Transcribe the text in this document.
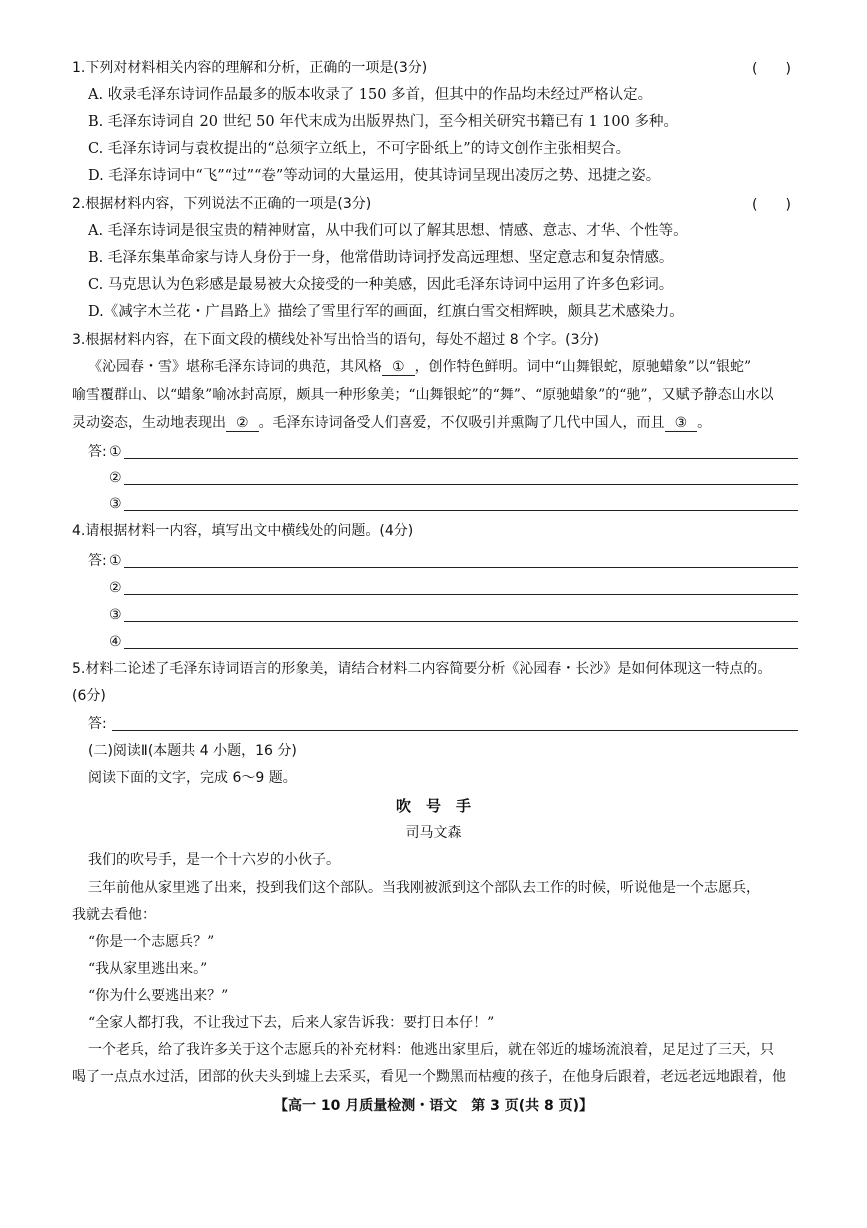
1.下列对材料相关内容的理解和分析，正确的一项是(3分)	(　　)
A. 收录毛泽东诗词作品最多的版本收录了 150 多首，但其中的作品均未经过严格认定。
B. 毛泽东诗词自 20 世纪 50 年代末成为出版界热门，至今相关研究书籍已有 1 100 多种。
C. 毛泽东诗词与袁枚提出的“总须字立纸上，不可字卧纸上”的诗文创作主张相契合。
D. 毛泽东诗词中“飞”“过”“卷”等动词的大量运用，使其诗词呈现出凌厉之势、迅捷之姿。
2.根据材料内容，下列说法不正确的一项是(3分)	(　　)
A. 毛泽东诗词是很宝贵的精神财富，从中我们可以了解其思想、情感、意志、才华、个性等。
B. 毛泽东集革命家与诗人身份于一身，他常借助诗词抒发高远理想、坚定意志和复杂情感。
C. 马克思认为色彩感是最易被大众接受的一种美感，因此毛泽东诗词中运用了许多色彩词。
D.《减字木兰花・广昌路上》描绘了雪里行军的画面，红旗白雪交相辉映，颇具艺术感染力。
3.根据材料内容，在下面文段的横线处补写出恰当的语句，每处不超过 8 个字。(3分)
《沁园春・雪》堪称毛泽东诗词的典范，其风格 ① ，创作特色鲜明。词中“山舞银蛇，原驰蜡象”以“银蛇”
喻雪覆群山、以“蜡象”喻冰封高原，颇具一种形象美；“山舞银蛇”的“舞”、“原驰蜡象”的“驰”，又赋予静态山水以
灵动姿态，生动地表现出 ② 。毛泽东诗词备受人们喜爱，不仅吸引并熏陶了几代中国人，而且 ③ 。
答: ①
②
③
4.请根据材料一内容，填写出文中横线处的问题。(4分)
答: ①
②
③
④
5.材料二论述了毛泽东诗词语言的形象美，请结合材料二内容简要分析《沁园春・长沙》是如何体现这一特点的。
(6分)
答:
(二)阅读Ⅱ(本题共 4 小题，16 分)
阅读下面的文字，完成 6～9 题。
吹　号　手
司马文森
我们的吹号手，是一个十六岁的小伙子。
三年前他从家里逃了出来，投到我们这个部队。当我刚被派到这个部队去工作的时候，听说他是一个志愿兵，
我就去看他：
“你是一个志愿兵？”
“我从家里逃出来。”
“你为什么要逃出来？”
“全家人都打我，不让我过下去，后来人家告诉我：要打日本仔！”
一个老兵，给了我许多关于这个志愿兵的补充材料：他逃出家里后，就在邻近的墟场流浪着，足足过了三天，只
喝了一点点水过活，团部的伙夫头到墟上去采买，看见一个黝黑而枯瘦的孩子，在他身后跟着，老远老远地跟着，他
【高一 10 月质量检测・语文　第 3 页(共 8 页)】
